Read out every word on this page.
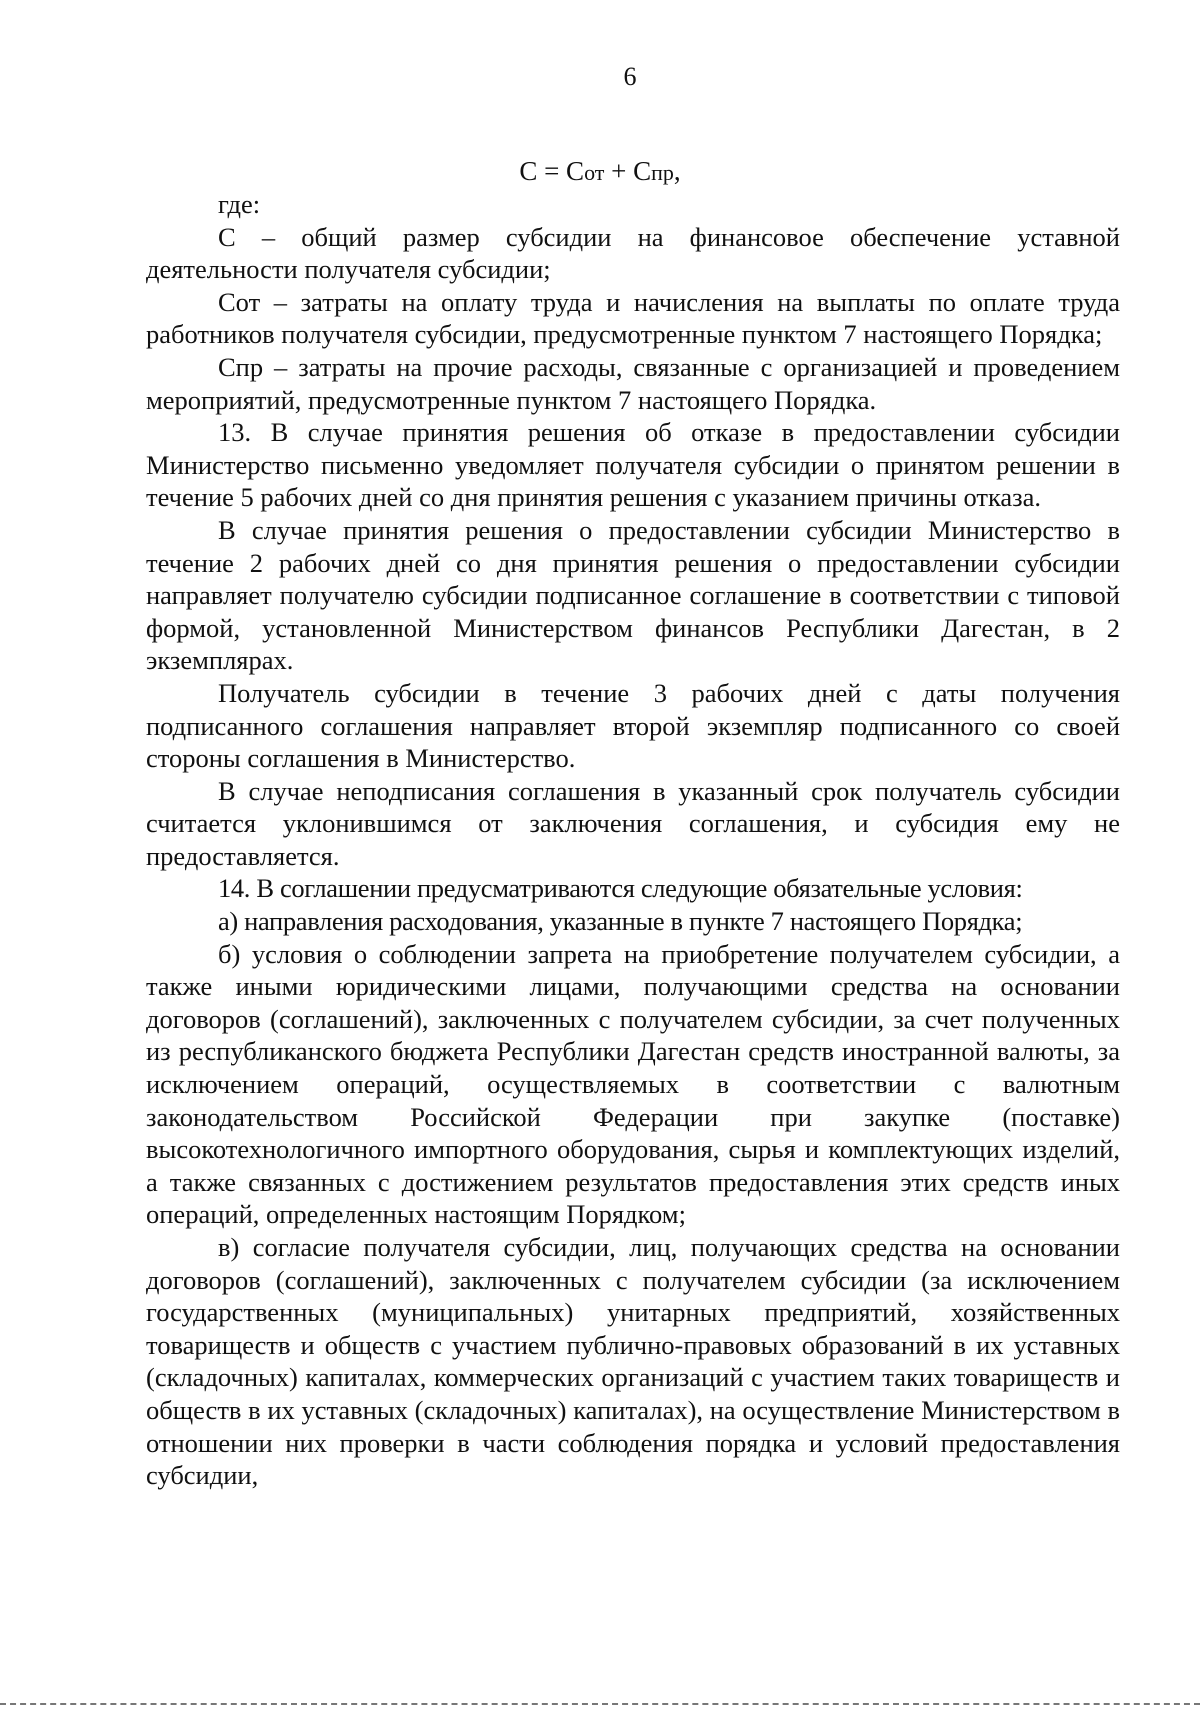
6
С = Сот + Спр,

где:

С – общий размер субсидии на финансовое обеспечение уставной деятельности получателя субсидии;

Сот – затраты на оплату труда и начисления на выплаты по оплате труда работников получателя субсидии, предусмотренные пунктом 7 настоящего Порядка;

Спр – затраты на прочие расходы, связанные с организацией и проведением мероприятий, предусмотренные пунктом 7 настоящего Порядка.

13. В случае принятия решения об отказе в предоставлении субсидии Министерство письменно уведомляет получателя субсидии о принятом решении в течение 5 рабочих дней со дня принятия решения с указанием причины отказа.

В случае принятия решения о предоставлении субсидии Министерство в течение 2 рабочих дней со дня принятия решения о предоставлении субсидии направляет получателю субсидии подписанное соглашение в соответствии с типовой формой, установленной Министерством финансов Республики Дагестан, в 2 экземплярах.

Получатель субсидии в течение 3 рабочих дней с даты получения подписанного соглашения направляет второй экземпляр подписанного со своей стороны соглашения в Министерство.

В случае неподписания соглашения в указанный срок получатель субсидии считается уклонившимся от заключения соглашения, и субсидия ему не предоставляется.

14. В соглашении предусматриваются следующие обязательные условия:

а) направления расходования, указанные в пункте 7 настоящего Порядка;

б) условия о соблюдении запрета на приобретение получателем субсидии, а также иными юридическими лицами, получающими средства на основании договоров (соглашений), заключенных с получателем субсидии, за счет полученных из республиканского бюджета Республики Дагестан средств иностранной валюты, за исключением операций, осуществляемых в соответствии с валютным законодательством Российской Федерации при закупке (поставке) высокотехнологичного импортного оборудования, сырья и комплектующих изделий, а также связанных с достижением результатов предоставления этих средств иных операций, определенных настоящим Порядком;

в) согласие получателя субсидии, лиц, получающих средства на основании договоров (соглашений), заключенных с получателем субсидии (за исключением государственных (муниципальных) унитарных предприятий, хозяйственных товариществ и обществ с участием публично-правовых образований в их уставных (складочных) капиталах, коммерческих организаций с участием таких товариществ и обществ в их уставных (складочных) капиталах), на осуществление Министерством в отношении них проверки в части соблюдения порядка и условий предоставления субсидии,
